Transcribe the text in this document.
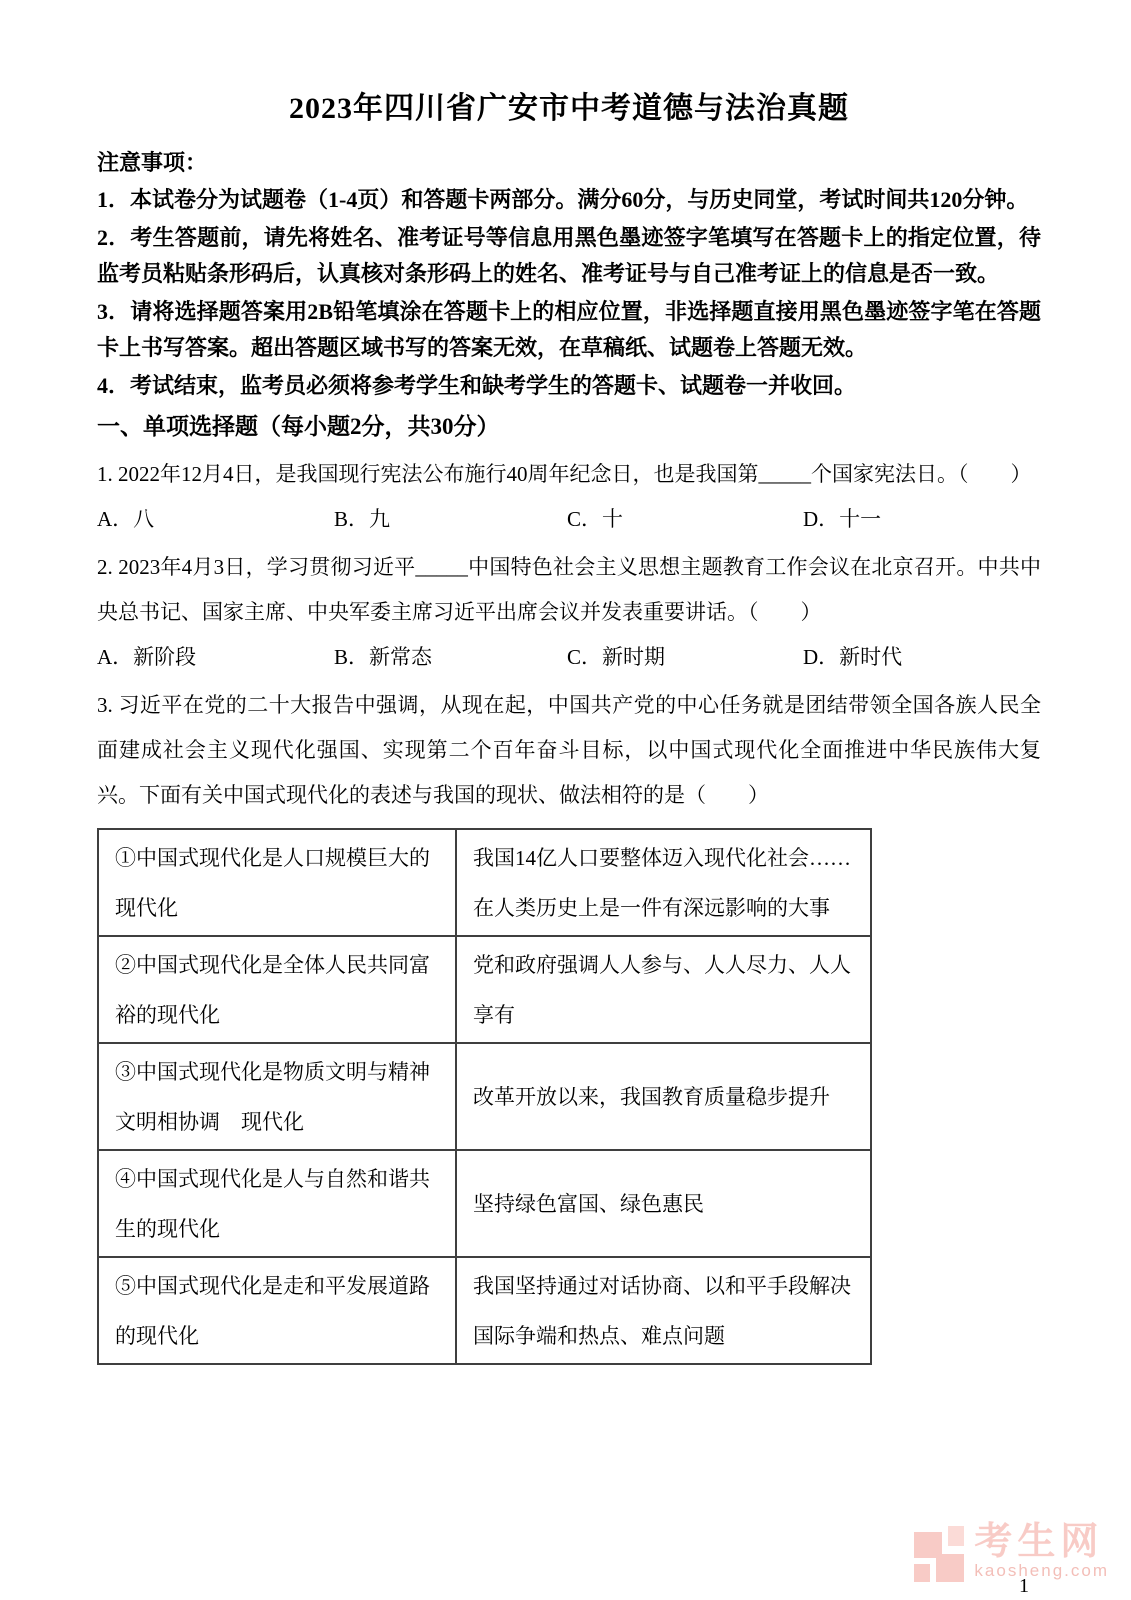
2023年四川省广安市中考道德与法治真题

注意事项：

1．本试卷分为试题卷（1-4页）和答题卡两部分。满分60分，与历史同堂，考试时间共120分钟。

2．考生答题前，请先将姓名、准考证号等信息用黑色墨迹签字笔填写在答题卡上的指定位置，待监考员粘贴条形码后，认真核对条形码上的姓名、准考证号与自己准考证上的信息是否一致。

3．请将选择题答案用2B铅笔填涂在答题卡上的相应位置，非选择题直接用黑色墨迹签字笔在答题卡上书写答案。超出答题区域书写的答案无效，在草稿纸、试题卷上答题无效。

4．考试结束，监考员必须将参考学生和缺考学生的答题卡、试题卷一并收回。

一、单项选择题（每小题2分，共30分）

1. 2022年12月4日，是我国现行宪法公布施行40周年纪念日，也是我国第_____个国家宪法日。（　　）

A．八	B．九	C．十	D．十一

2. 2023年4月3日，学习贯彻习近平_____中国特色社会主义思想主题教育工作会议在北京召开。中共中央总书记、国家主席、中央军委主席习近平出席会议并发表重要讲话。（　　）

A．新阶段	B．新常态	C．新时期	D．新时代

3. 习近平在党的二十大报告中强调，从现在起，中国共产党的中心任务就是团结带领全国各族人民全面建成社会主义现代化强国、实现第二个百年奋斗目标，以中国式现代化全面推进中华民族伟大复兴。下面有关中国式现代化的表述与我国的现状、做法相符的是（　　）

①中国式现代化是人口规模巨大的现代化	我国14亿人口要整体迈入现代化社会……在人类历史上是一件有深远影响的大事
②中国式现代化是全体人民共同富裕的现代化	党和政府强调人人参与、人人尽力、人人享有
③中国式现代化是物质文明与精神文明相协调　现代化	改革开放以来，我国教育质量稳步提升
④中国式现代化是人与自然和谐共生的现代化	坚持绿色富国、绿色惠民
⑤中国式现代化是走和平发展道路的现代化	我国坚持通过对话协商、以和平手段解决国际争端和热点、难点问题
考生网
kaosheng.com
1
